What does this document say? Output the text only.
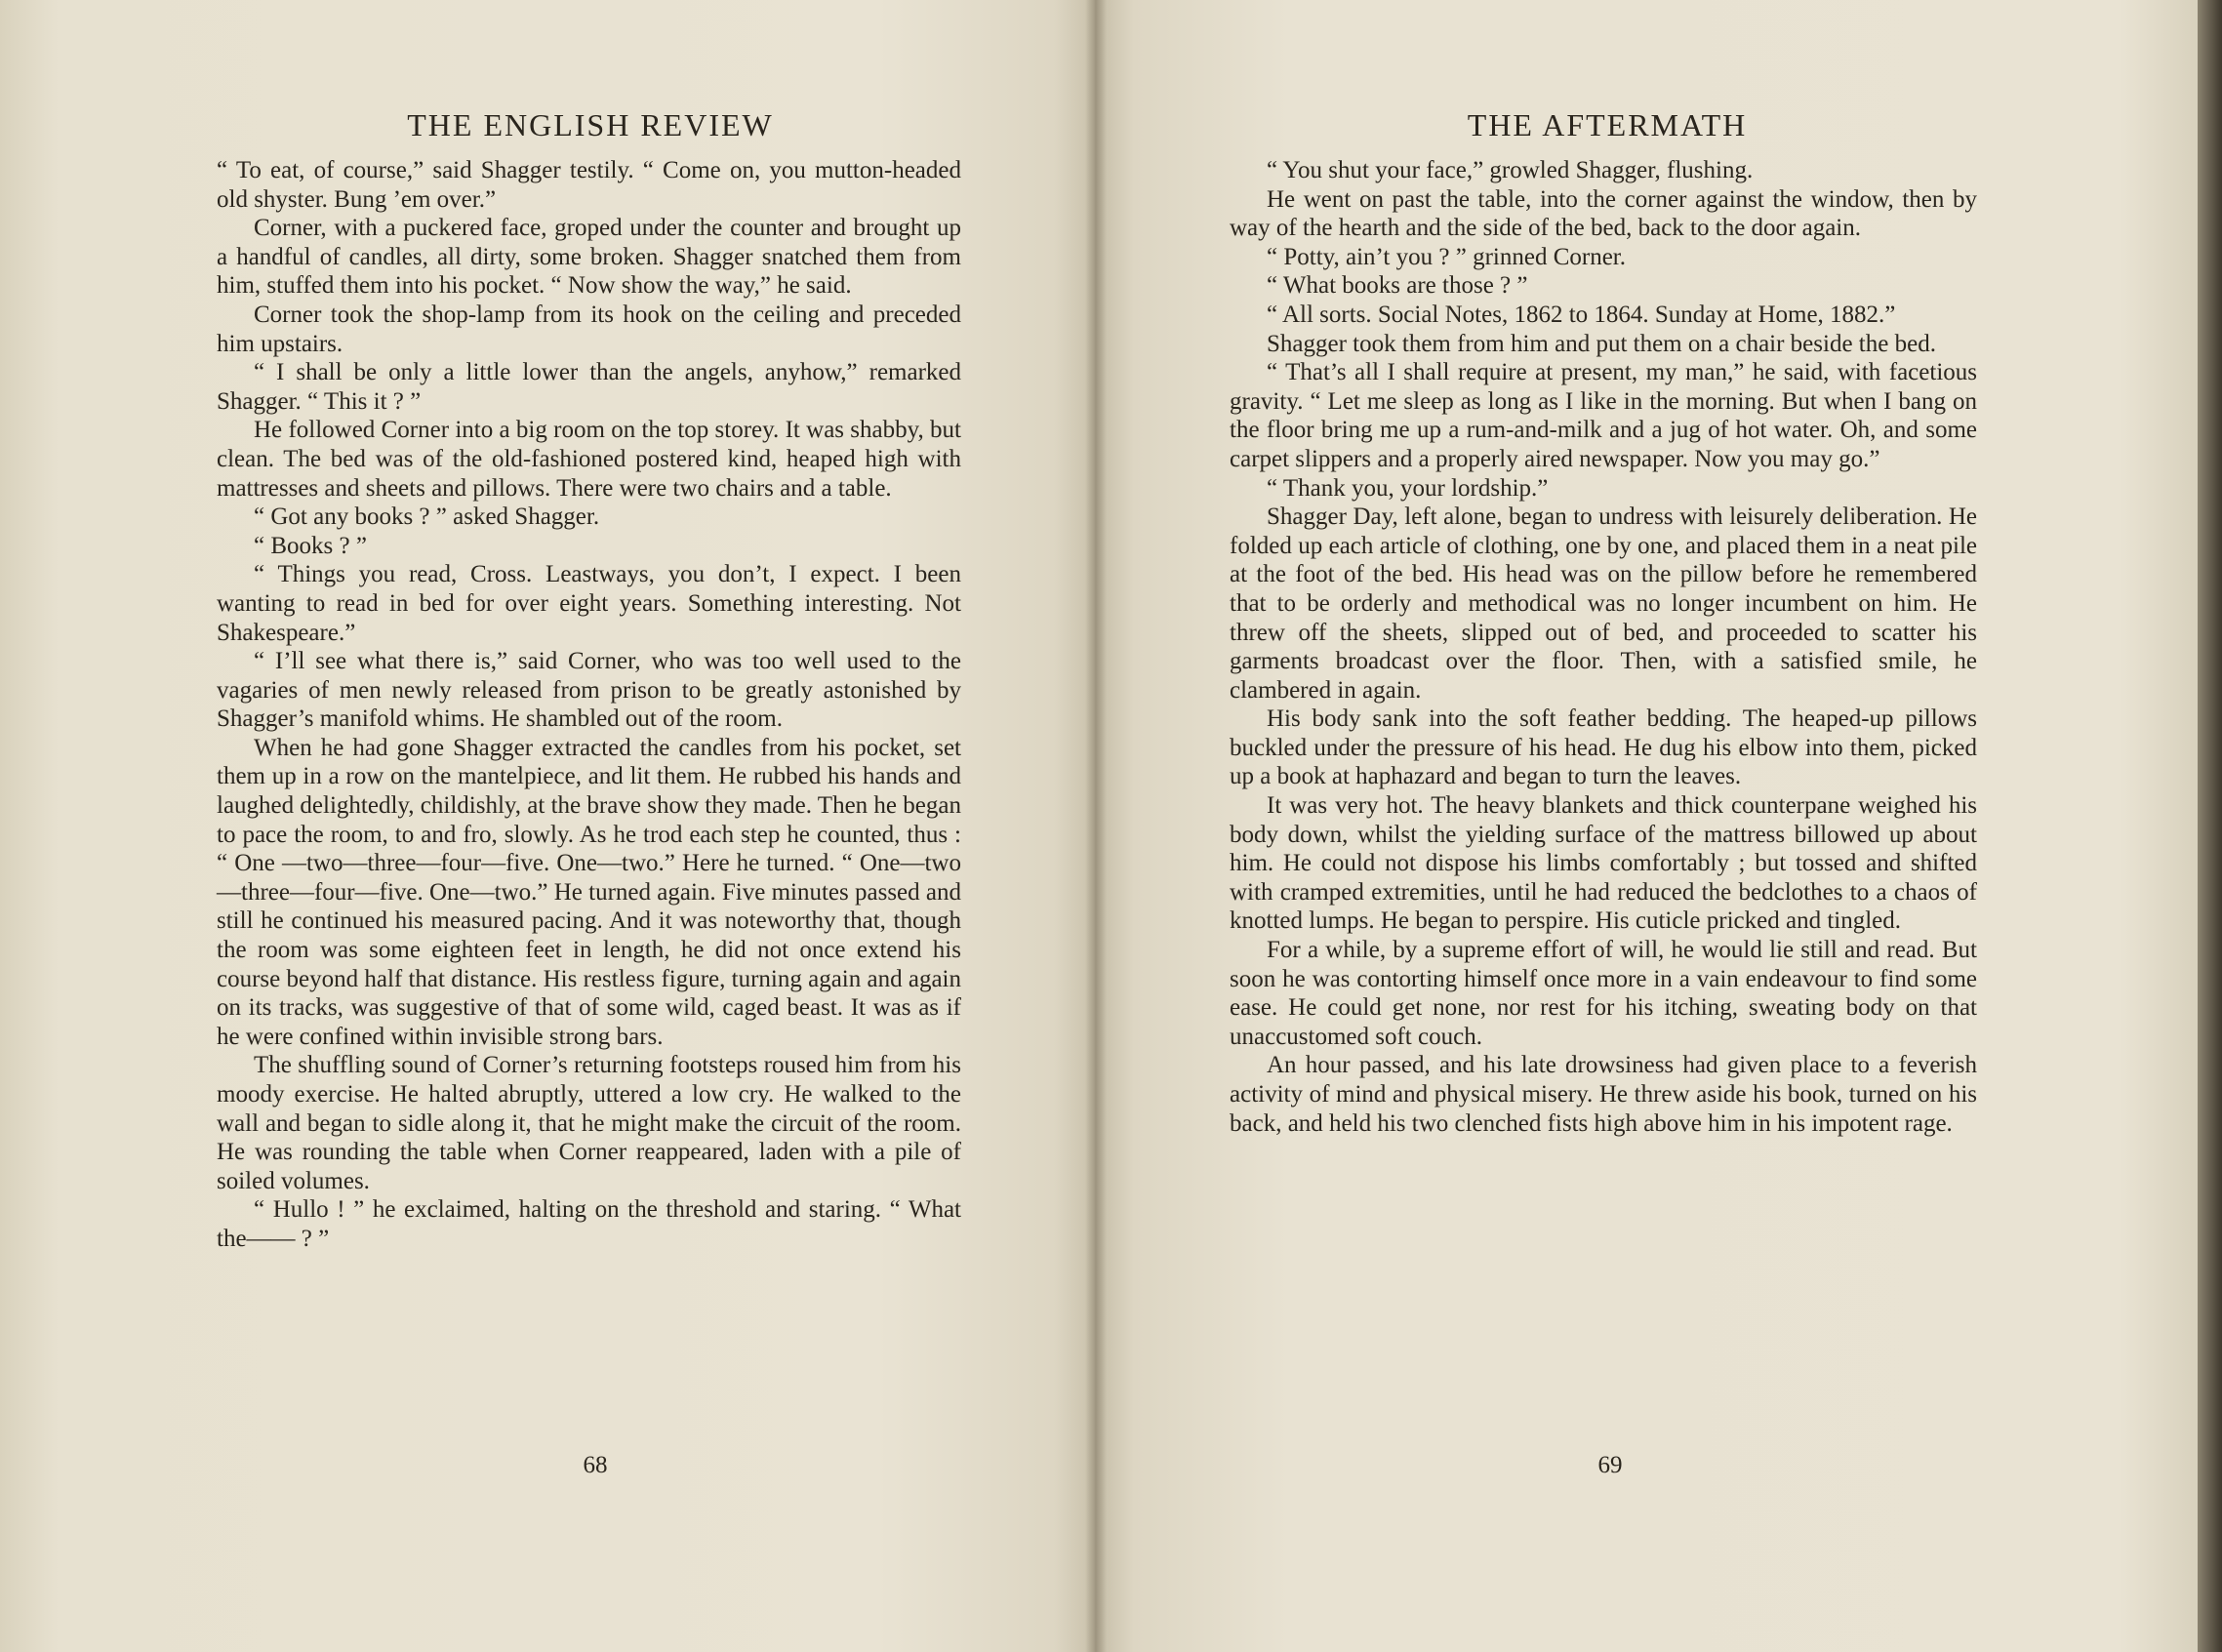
THE ENGLISH REVIEW

“ To eat, of course,” said Shagger testily. “ Come on, you mutton-headed old shyster. Bung ’em over.”

Corner, with a puckered face, groped under the counter and brought up a handful of candles, all dirty, some broken. Shagger snatched them from him, stuffed them into his pocket. “ Now show the way,” he said.

Corner took the shop-lamp from its hook on the ceiling and preceded him upstairs.

“ I shall be only a little lower than the angels, anyhow,” remarked Shagger. “ This it ? ”

He followed Corner into a big room on the top storey. It was shabby, but clean. The bed was of the old-fashioned postered kind, heaped high with mattresses and sheets and pillows. There were two chairs and a table.

“ Got any books ? ” asked Shagger.

“ Books ? ”

“ Things you read, Cross. Leastways, you don’t, I expect. I been wanting to read in bed for over eight years. Something interesting. Not Shakespeare.”

“ I’ll see what there is,” said Corner, who was too well used to the vagaries of men newly released from prison to be greatly astonished by Shagger’s manifold whims. He shambled out of the room.

When he had gone Shagger extracted the candles from his pocket, set them up in a row on the mantelpiece, and lit them. He rubbed his hands and laughed delightedly, childishly, at the brave show they made. Then he began to pace the room, to and fro, slowly. As he trod each step he counted, thus : “ One —two—three—four—five. One—two.” Here he turned. “ One—two—three—four—five. One—two.” He turned again. Five minutes passed and still he continued his measured pacing. And it was noteworthy that, though the room was some eighteen feet in length, he did not once extend his course beyond half that distance. His restless figure, turning again and again on its tracks, was suggestive of that of some wild, caged beast. It was as if he were confined within invisible strong bars.

The shuffling sound of Corner’s returning footsteps roused him from his moody exercise. He halted abruptly, uttered a low cry. He walked to the wall and began to sidle along it, that he might make the circuit of the room. He was rounding the table when Corner reappeared, laden with a pile of soiled volumes.

“ Hullo ! ” he exclaimed, halting on the threshold and staring. “ What the—— ? ”

68
THE AFTERMATH

“ You shut your face,” growled Shagger, flushing.

He went on past the table, into the corner against the window, then by way of the hearth and the side of the bed, back to the door again.

“ Potty, ain’t you ? ” grinned Corner.

“ What books are those ? ”

“ All sorts. Social Notes, 1862 to 1864. Sunday at Home, 1882.”

Shagger took them from him and put them on a chair beside the bed.

“ That’s all I shall require at present, my man,” he said, with facetious gravity. “ Let me sleep as long as I like in the morning. But when I bang on the floor bring me up a rum-and-milk and a jug of hot water. Oh, and some carpet slippers and a properly aired newspaper. Now you may go.”

“ Thank you, your lordship.”

Shagger Day, left alone, began to undress with leisurely deliberation. He folded up each article of clothing, one by one, and placed them in a neat pile at the foot of the bed. His head was on the pillow before he remembered that to be orderly and methodical was no longer incumbent on him. He threw off the sheets, slipped out of bed, and proceeded to scatter his garments broadcast over the floor. Then, with a satisfied smile, he clambered in again.

His body sank into the soft feather bedding. The heaped-up pillows buckled under the pressure of his head. He dug his elbow into them, picked up a book at haphazard and began to turn the leaves.

It was very hot. The heavy blankets and thick counterpane weighed his body down, whilst the yielding surface of the mattress billowed up about him. He could not dispose his limbs comfortably ; but tossed and shifted with cramped extremities, until he had reduced the bedclothes to a chaos of knotted lumps. He began to perspire. His cuticle pricked and tingled.

For a while, by a supreme effort of will, he would lie still and read. But soon he was contorting himself once more in a vain endeavour to find some ease. He could get none, nor rest for his itching, sweating body on that unaccustomed soft couch.

An hour passed, and his late drowsiness had given place to a feverish activity of mind and physical misery. He threw aside his book, turned on his back, and held his two clenched fists high above him in his impotent rage.

69
